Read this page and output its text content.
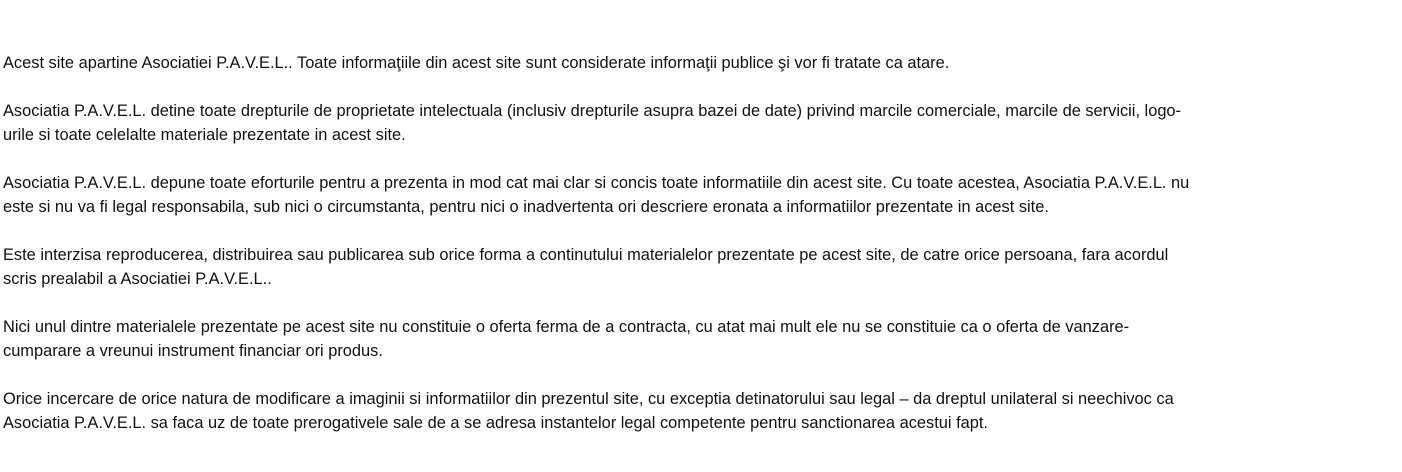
Acest site apartine Asociatiei P.A.V.E.L.. Toate informaţiile din acest site sunt considerate informaţii publice şi vor fi tratate ca atare.

Asociatia P.A.V.E.L. detine toate drepturile de proprietate intelectuala (inclusiv drepturile asupra bazei de date) privind marcile comerciale, marcile de servicii, logo-
urile si toate celelalte materiale prezentate in acest site.

Asociatia P.A.V.E.L. depune toate eforturile pentru a prezenta in mod cat mai clar si concis toate informatiile din acest site. Cu toate acestea, Asociatia P.A.V.E.L. nu
este si nu va fi legal responsabila, sub nici o circumstanta, pentru nici o inadvertenta ori descriere eronata a informatiilor prezentate in acest site.

Este interzisa reproducerea, distribuirea sau publicarea sub orice forma a continutului materialelor prezentate pe acest site, de catre orice persoana, fara acordul
scris prealabil a Asociatiei P.A.V.E.L..

Nici unul dintre materialele prezentate pe acest site nu constituie o oferta ferma de a contracta, cu atat mai mult ele nu se constituie ca o oferta de vanzare-
cumparare a vreunui instrument financiar ori produs.

Orice incercare de orice natura de modificare a imaginii si informatiilor din prezentul site, cu exceptia detinatorului sau legal – da dreptul unilateral si neechivoc ca
Asociatia P.A.V.E.L. sa faca uz de toate prerogativele sale de a se adresa instantelor legal competente pentru sanctionarea acestui fapt.
